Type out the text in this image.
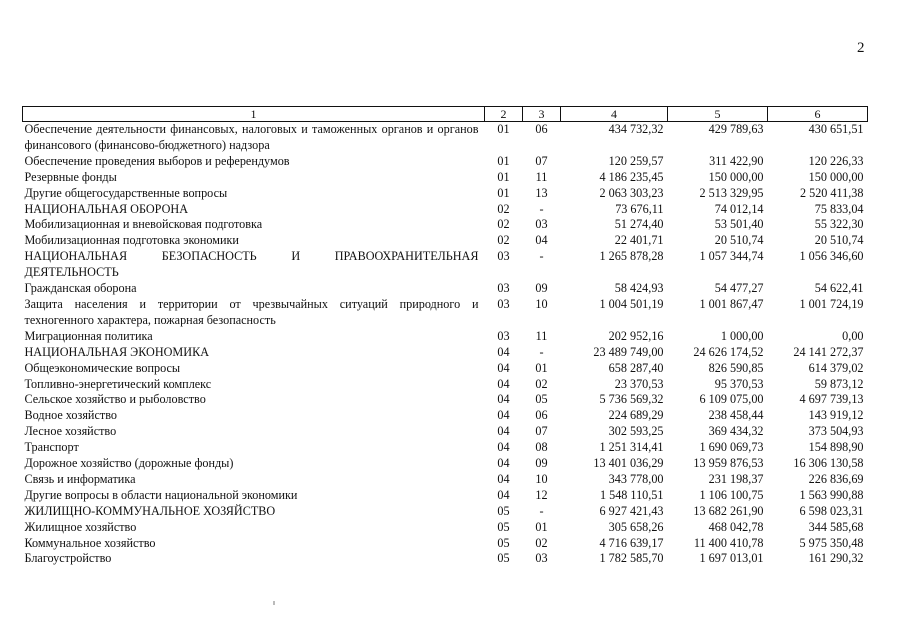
2
1	2	3	4	5	6
Обеспечение деятельности финансовых, налоговых и таможенных органов и органов финансового (финансово-бюджетного) надзора	01	06	434 732,32	429 789,63	430 651,51
Обеспечение проведения выборов и референдумов	01	07	120 259,57	311 422,90	120 226,33
Резервные фонды	01	11	4 186 235,45	150 000,00	150 000,00
Другие общегосударственные вопросы	01	13	2 063 303,23	2 513 329,95	2 520 411,38
НАЦИОНАЛЬНАЯ ОБОРОНА	02	-	73 676,11	74 012,14	75 833,04
Мобилизационная и вневойсковая подготовка	02	03	51 274,40	53 501,40	55 322,30
Мобилизационная подготовка экономики	02	04	22 401,71	20 510,74	20 510,74
НАЦИОНАЛЬНАЯ БЕЗОПАСНОСТЬ И ПРАВООХРАНИТЕЛЬНАЯ ДЕЯТЕЛЬНОСТЬ	03	-	1 265 878,28	1 057 344,74	1 056 346,60
Гражданская оборона	03	09	58 424,93	54 477,27	54 622,41
Защита населения и территории от чрезвычайных ситуаций природного и техногенного характера, пожарная безопасность	03	10	1 004 501,19	1 001 867,47	1 001 724,19
Миграционная политика	03	11	202 952,16	1 000,00	0,00
НАЦИОНАЛЬНАЯ ЭКОНОМИКА	04	-	23 489 749,00	24 626 174,52	24 141 272,37
Общеэкономические вопросы	04	01	658 287,40	826 590,85	614 379,02
Топливно-энергетический комплекс	04	02	23 370,53	95 370,53	59 873,12
Сельское хозяйство и рыболовство	04	05	5 736 569,32	6 109 075,00	4 697 739,13
Водное хозяйство	04	06	224 689,29	238 458,44	143 919,12
Лесное хозяйство	04	07	302 593,25	369 434,32	373 504,93
Транспорт	04	08	1 251 314,41	1 690 069,73	154 898,90
Дорожное хозяйство (дорожные фонды)	04	09	13 401 036,29	13 959 876,53	16 306 130,58
Связь и информатика	04	10	343 778,00	231 198,37	226 836,69
Другие вопросы в области национальной экономики	04	12	1 548 110,51	1 106 100,75	1 563 990,88
ЖИЛИЩНО-КОММУНАЛЬНОЕ ХОЗЯЙСТВО	05	-	6 927 421,43	13 682 261,90	6 598 023,31
Жилищное хозяйство	05	01	305 658,26	468 042,78	344 585,68
Коммунальное хозяйство	05	02	4 716 639,17	11 400 410,78	5 975 350,48
Благоустройство	05	03	1 782 585,70	1 697 013,01	161 290,32
